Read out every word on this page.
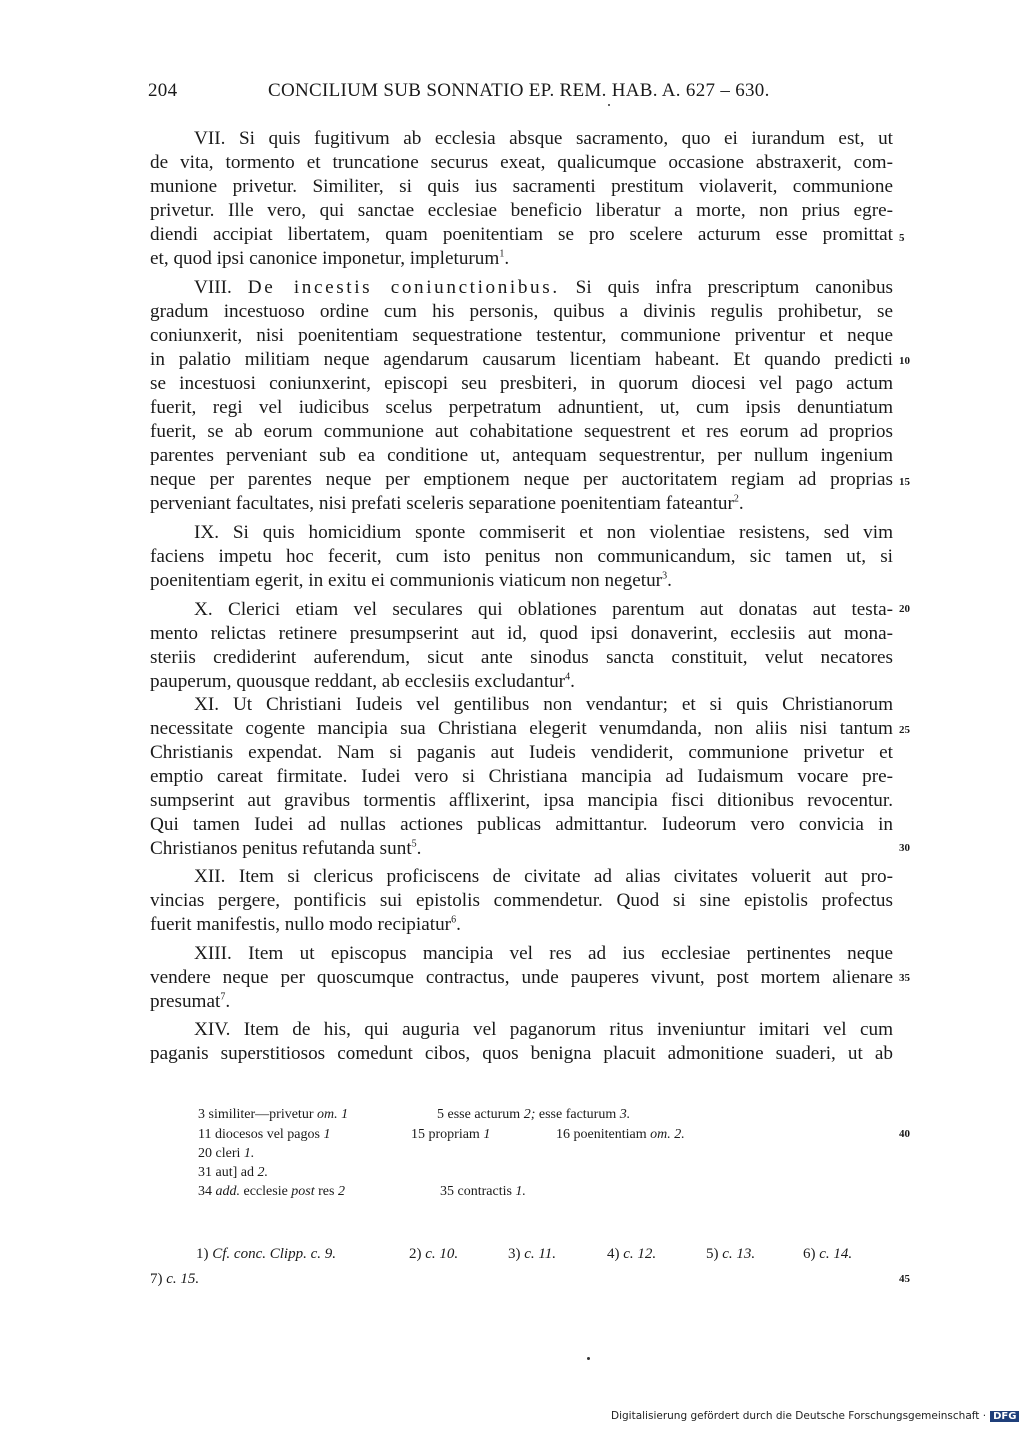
204	CONCILIUM SUB SONNATIO EP. REM. HAB. A. 627 – 630.
VII. Si quis fugitivum ab ecclesia absque sacramento, quo ei iurandum est, ut
de vita, tormento et truncatione securus exeat, qualicumque occasione abstraxerit, com-
munione privetur. Similiter, si quis ius sacramenti prestitum violaverit, communione
privetur. Ille vero, qui sanctae ecclesiae beneficio liberatur a morte, non prius egre-
diendi accipiat libertatem, quam poenitentiam se pro scelere acturum esse promittat
et, quod ipsi canonice imponetur, impleturum$^1$.
VIII. De incestis coniunctionibus. Si quis infra prescriptum canonibus
gradum incestuoso ordine cum his personis, quibus a divinis regulis prohibetur, se
coniunxerit, nisi poenitentiam sequestratione testentur, communione priventur et neque
in palatio militiam neque agendarum causarum licentiam habeant. Et quando predicti
se incestuosi coniunxerint, episcopi seu presbiteri, in quorum diocesi vel pago actum
fuerit, regi vel iudicibus scelus perpetratum adnuntient, ut, cum ipsis denuntiatum
fuerit, se ab eorum communione aut cohabitatione sequestrent et res eorum ad proprios
parentes perveniant sub ea conditione ut, antequam sequestrentur, per nullum ingenium
neque per parentes neque per emptionem neque per auctoritatem regiam ad proprias
perveniant facultates, nisi prefati sceleris separatione poenitentiam fateantur$^2$.
IX. Si quis homicidium sponte commiserit et non violentiae resistens, sed vim
faciens impetu hoc fecerit, cum isto penitus non communicandum, sic tamen ut, si
poenitentiam egerit, in exitu ei communionis viaticum non negetur$^3$.
X. Clerici etiam vel seculares qui oblationes parentum aut donatas aut testa-
mento relictas retinere presumpserint aut id, quod ipsi donaverint, ecclesiis aut mona-
steriis crediderint auferendum, sicut ante sinodus sancta constituit, velut necatores
pauperum, quousque reddant, ab ecclesiis excludantur$^4$.
XI. Ut Christiani Iudeis vel gentilibus non vendantur; et si quis Christianorum
necessitate cogente mancipia sua Christiana elegerit venumdanda, non aliis nisi tantum
Christianis expendat. Nam si paganis aut Iudeis vendiderit, communione privetur et
emptio careat firmitate. Iudei vero si Christiana mancipia ad Iudaismum vocare pre-
sumpserint aut gravibus tormentis afflixerint, ipsa mancipia fisci ditionibus revocentur.
Qui tamen Iudei ad nullas actiones publicas admittantur. Iudeorum vero convicia in
Christianos penitus refutanda sunt$^5$.
XII. Item si clericus proficiscens de civitate ad alias civitates voluerit aut pro-
vincias pergere, pontificis sui epistolis commendetur. Quod si sine epistolis profectus
fuerit manifestis, nullo modo recipiatur$^6$.
XIII. Item ut episcopus mancipia vel res ad ius ecclesiae pertinentes neque
vendere neque per quoscumque contractus, unde pauperes vivunt, post mortem alienare
presumat$^7$.
XIV. Item de his, qui auguria vel paganorum ritus inveniuntur imitari vel cum
paganis superstitiosos comedunt cibos, quos benigna placuit admonitione suaderi, ut ab
5
10
15
20
25
30
35
40
45
3 similiter—privetur om. 1	5 esse acturum 2; esse facturum 3.
11 diocesos vel pagos 1	15 propriam 1	16 poenitentiam om. 2.
20 cleri 1.
31 aut] ad 2.
34 add. ecclesie post res 2	35 contractis 1.
1) Cf. conc. Clipp. c. 9.	2) c. 10.	3) c. 11.	4) c. 12.	5) c. 13.	6) c. 14.
7) c. 15.
Digitalisierung gefördert durch die Deutsche Forschungsgemeinschaft · DFG
